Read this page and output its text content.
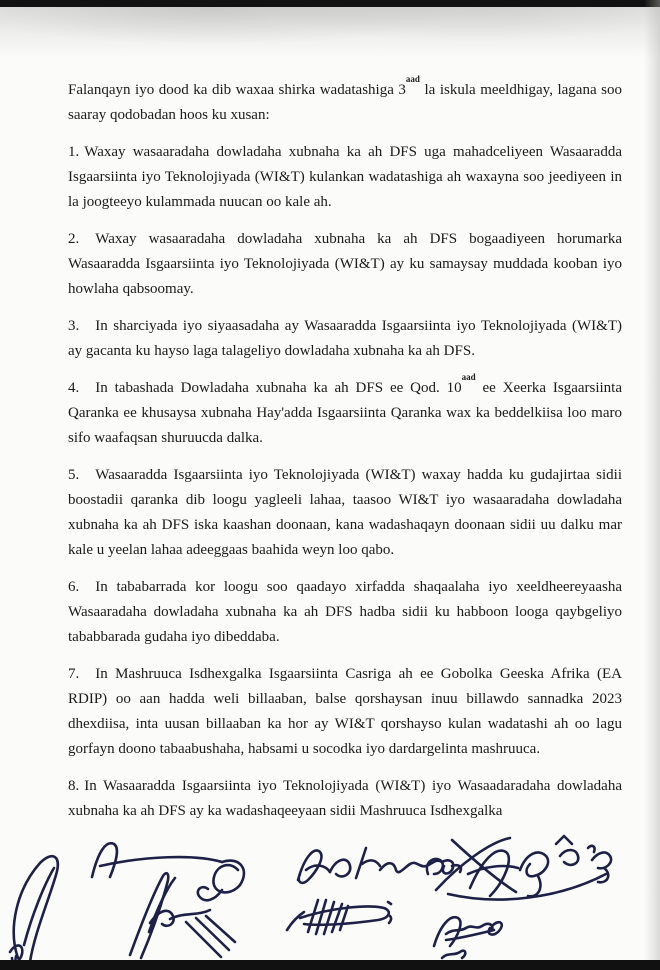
Falanqayn iyo dood ka dib waxaa shirka wadatashiga $3^{aad}$ la iskula meeldhigay, lagana soo saaray qodobadan hoos ku xusan:

1. Waxay wasaaradaha dowladaha xubnaha ka ah DFS uga mahadceliyeen Wasaaradda Isgaarsiinta iyo Teknolojiyada (WI&T) kulankan wadatashiga ah waxayna soo jeediyeen in la joogteeyo kulammada nuucan oo kale ah.

2. Waxay wasaaradaha dowladaha xubnaha ka ah DFS bogaadiyeen horumarka Wasaaradda Isgaarsiinta iyo Teknolojiyada (WI&T) ay ku samaysay muddada kooban iyo howlaha qabsoomay.

3. In sharciyada iyo siyaasadaha ay Wasaaradda Isgaarsiinta iyo Teknolojiyada (WI&T) ay gacanta ku hayso laga talageliyo dowladaha xubnaha ka ah DFS.

4. In tabashada Dowladaha xubnaha ka ah DFS ee Qod. $10^{aad}$ ee Xeerka Isgaarsiinta Qaranka ee khusaysa xubnaha Hay'adda Isgaarsiinta Qaranka wax ka beddelkiisa loo maro sifo waafaqsan shuruucda dalka.

5. Wasaaradda Isgaarsiinta iyo Teknolojiyada (WI&T) waxay hadda ku gudajirtaa sidii boostadii qaranka dib loogu yagleeli lahaa, taasoo WI&T iyo wasaaradaha dowladaha xubnaha ka ah DFS iska kaashan doonaan, kana wadashaqayn doonaan sidii uu dalku mar kale u yeelan lahaa adeeggaas baahida weyn loo qabo.

6. In tababarrada kor loogu soo qaadayo xirfadda shaqaalaha iyo xeeldheereyaasha Wasaaradaha dowladaha xubnaha ka ah DFS hadba sidii ku habboon looga qaybgeliyo tababbarada gudaha iyo dibeddaba.

7. In Mashruuca Isdhexgalka Isgaarsiinta Casriga ah ee Gobolka Geeska Afrika (EA RDIP) oo aan hadda weli billaaban, balse qorshaysan inuu billawdo sannadka 2023 dhexdiisa, inta uusan billaaban ka hor ay WI&T qorshayso kulan wadatashi ah oo lagu gorfayn doono tabaabushaha, habsami u socodka iyo dardargelinta mashruuca.

8. In Wasaaradda Isgaarsiinta iyo Teknolojiyada (WI&T) iyo Wasaadaradaha dowladaha xubnaha ka ah DFS ay ka wadashaqeeyaan sidii Mashruuca Isdhexgalka
